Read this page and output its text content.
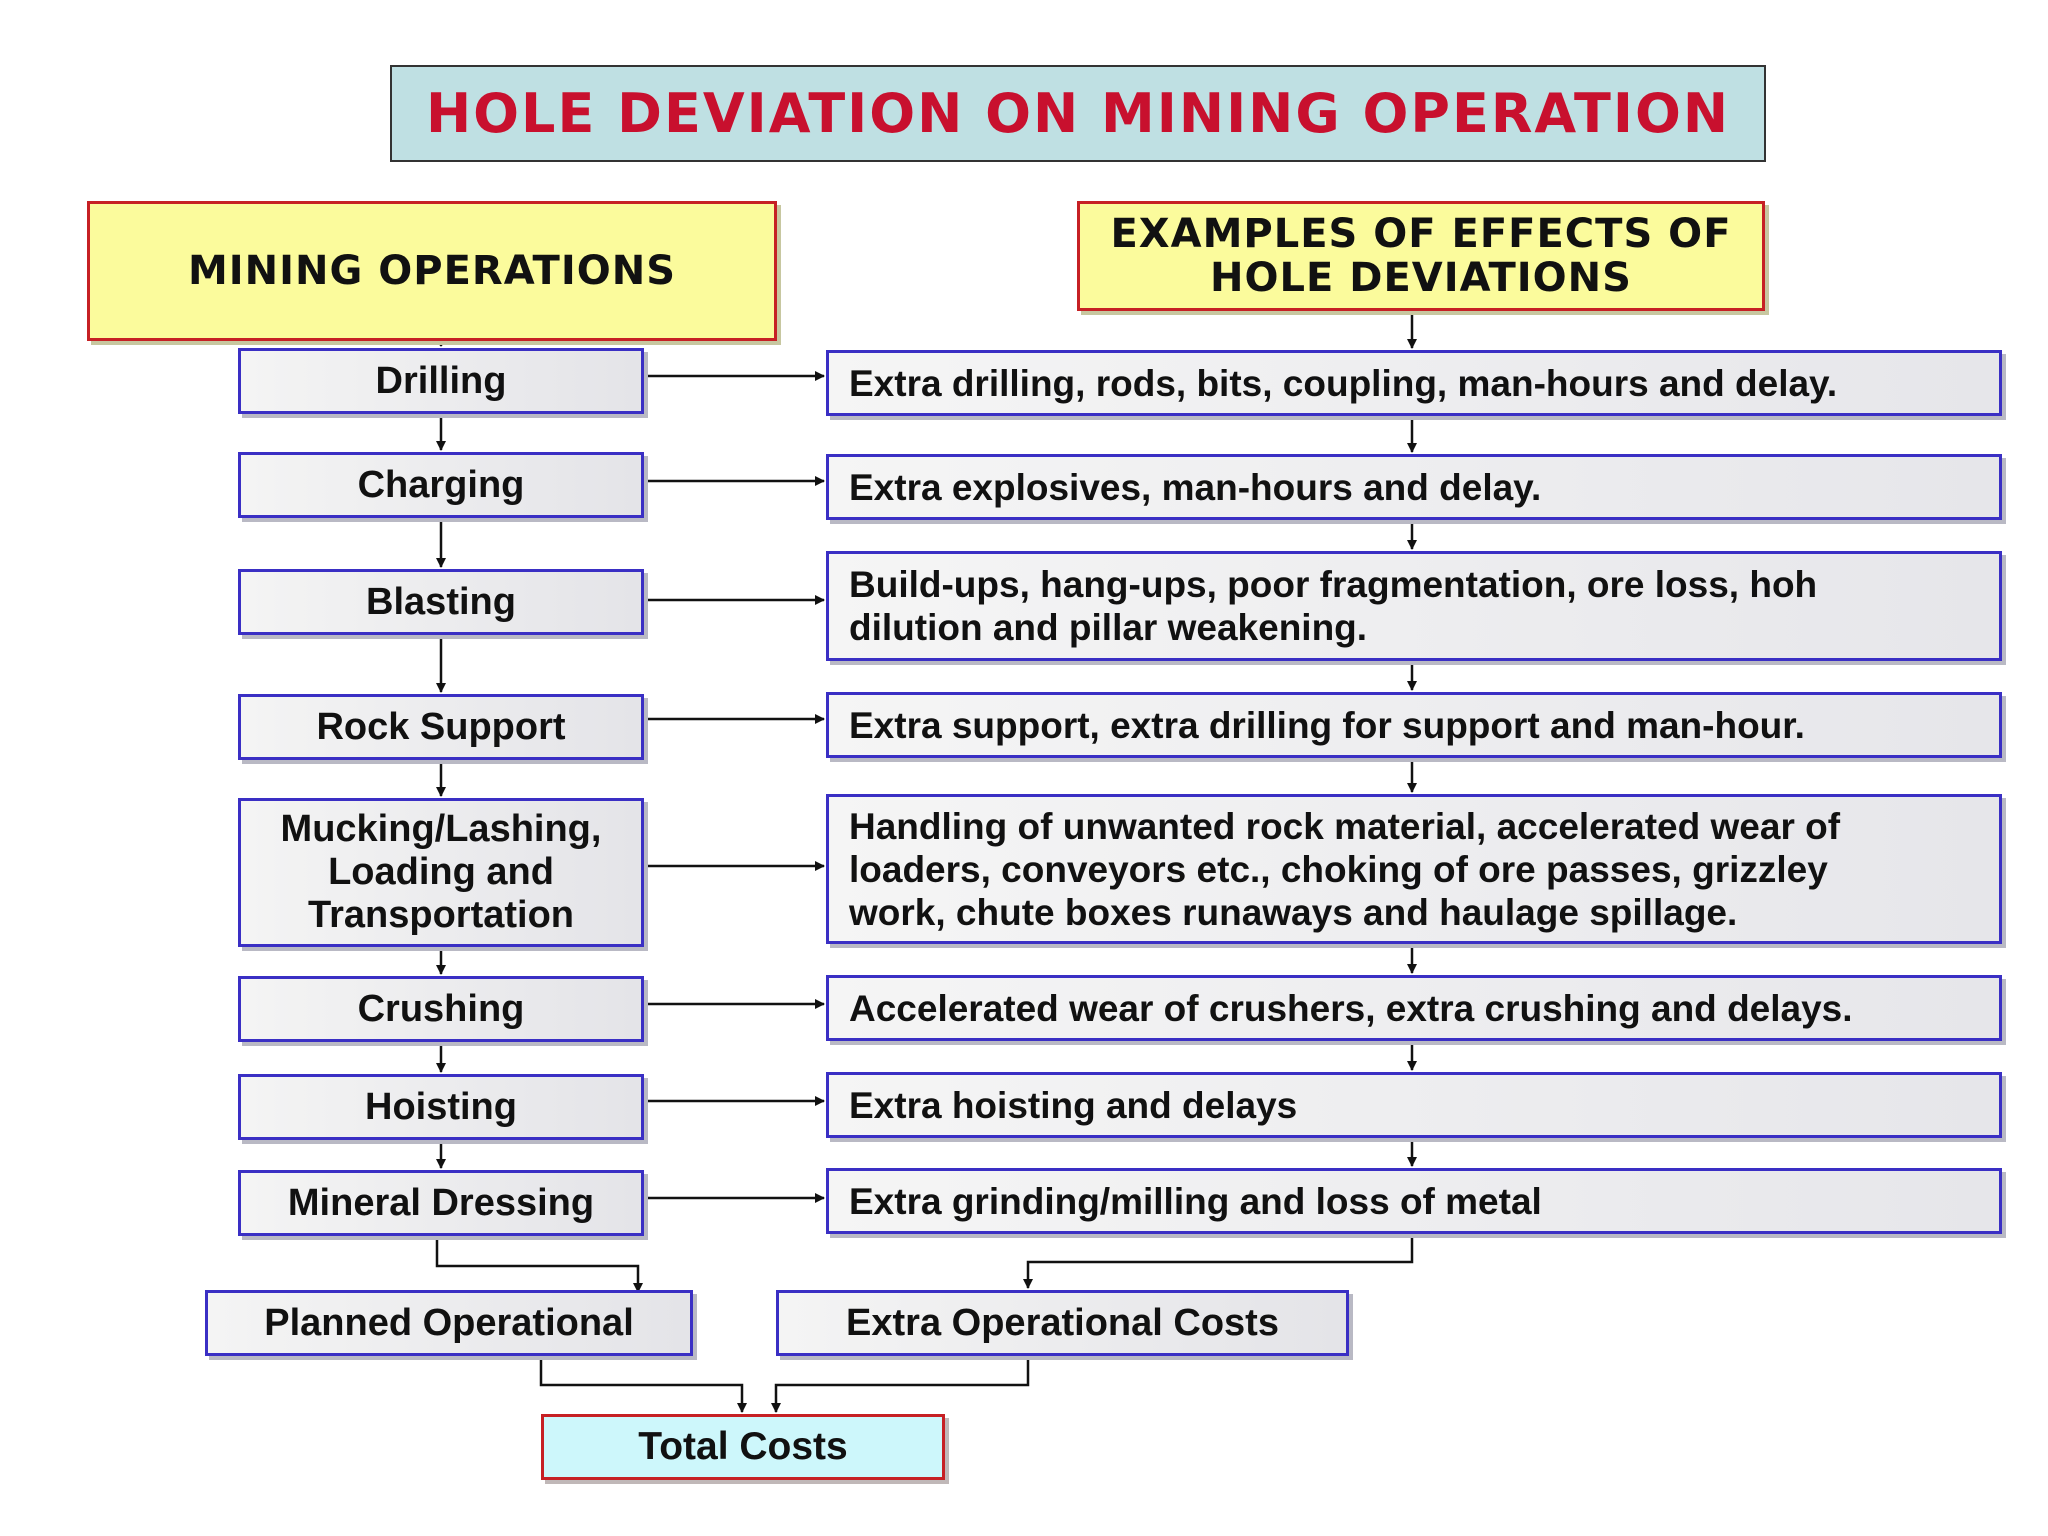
HOLE DEVIATION ON MINING OPERATION
MINING OPERATIONS
EXAMPLES OF EFFECTS OF
HOLE DEVIATIONS
Drilling
Charging
Blasting
Rock Support
Mucking/Lashing,
Loading and
Transportation
Crushing
Hoisting
Mineral Dressing
Extra drilling, rods, bits, coupling, man-hours and delay.
Extra explosives, man-hours and delay.
Build-ups, hang-ups, poor fragmentation, ore loss, hoh
dilution and pillar weakening.
Extra support, extra drilling for support and man-hour.
Handling of unwanted rock material, accelerated wear of
loaders, conveyors etc., choking of ore passes, grizzley
work, chute boxes runaways and haulage spillage.
Accelerated wear of crushers, extra crushing and delays.
Extra hoisting and delays
Extra grinding/milling and loss of metal
Planned Operational	Extra Operational Costs
Total Costs
